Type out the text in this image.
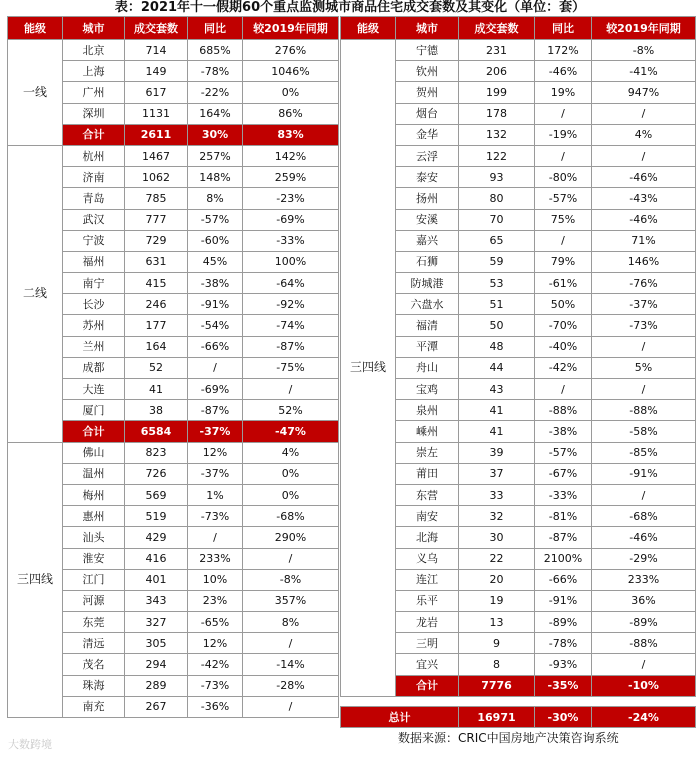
表：2021年十一假期60个重点监测城市商品住宅成交套数及其变化（单位：套）
能级	城市	成交套数	同比	较2019年同期
一线	北京	714	685%	276%
	上海	149	-78%	1046%
	广州	617	-22%	0%
	深圳	1131	164%	86%
	合计	2611	30%	83%
二线	杭州	1467	257%	142%
	济南	1062	148%	259%
	青岛	785	8%	-23%
	武汉	777	-57%	-69%
	宁波	729	-60%	-33%
	福州	631	45%	100%
	南宁	415	-38%	-64%
	长沙	246	-91%	-92%
	苏州	177	-54%	-74%
	兰州	164	-66%	-87%
	成都	52	/	-75%
	大连	41	-69%	/
	厦门	38	-87%	52%
	合计	6584	-37%	-47%
三四线	佛山	823	12%	4%
	温州	726	-37%	0%
	梅州	569	1%	0%
	惠州	519	-73%	-68%
	汕头	429	/	290%
	淮安	416	233%	/
	江门	401	10%	-8%
	河源	343	23%	357%
	东莞	327	-65%	8%
	清远	305	12%	/
	茂名	294	-42%	-14%
	珠海	289	-73%	-28%
	南充	267	-36%	/
能级	城市	成交套数	同比	较2019年同期
三四线	宁德	231	172%	-8%
	钦州	206	-46%	-41%
	贺州	199	19%	947%
	烟台	178	/	/
	金华	132	-19%	4%
	云浮	122	/	/
	泰安	93	-80%	-46%
	扬州	80	-57%	-43%
	安溪	70	75%	-46%
	嘉兴	65	/	71%
	石狮	59	79%	146%
	防城港	53	-61%	-76%
	六盘水	51	50%	-37%
	福清	50	-70%	-73%
	平潭	48	-40%	/
	舟山	44	-42%	5%
	宝鸡	43	/	/
	泉州	41	-88%	-88%
	嵊州	41	-38%	-58%
	崇左	39	-57%	-85%
	莆田	37	-67%	-91%
	东营	33	-33%	/
	南安	32	-81%	-68%
	北海	30	-87%	-46%
	义乌	22	2100%	-29%
	连江	20	-66%	233%
	乐平	19	-91%	36%
	龙岩	13	-89%	-89%
	三明	9	-78%	-88%
	宜兴	8	-93%	/
	合计	7776	-35%	-10%
总计	16971	-30%	-24%
数据来源：CRIC中国房地产决策咨询系统
大数跨境
